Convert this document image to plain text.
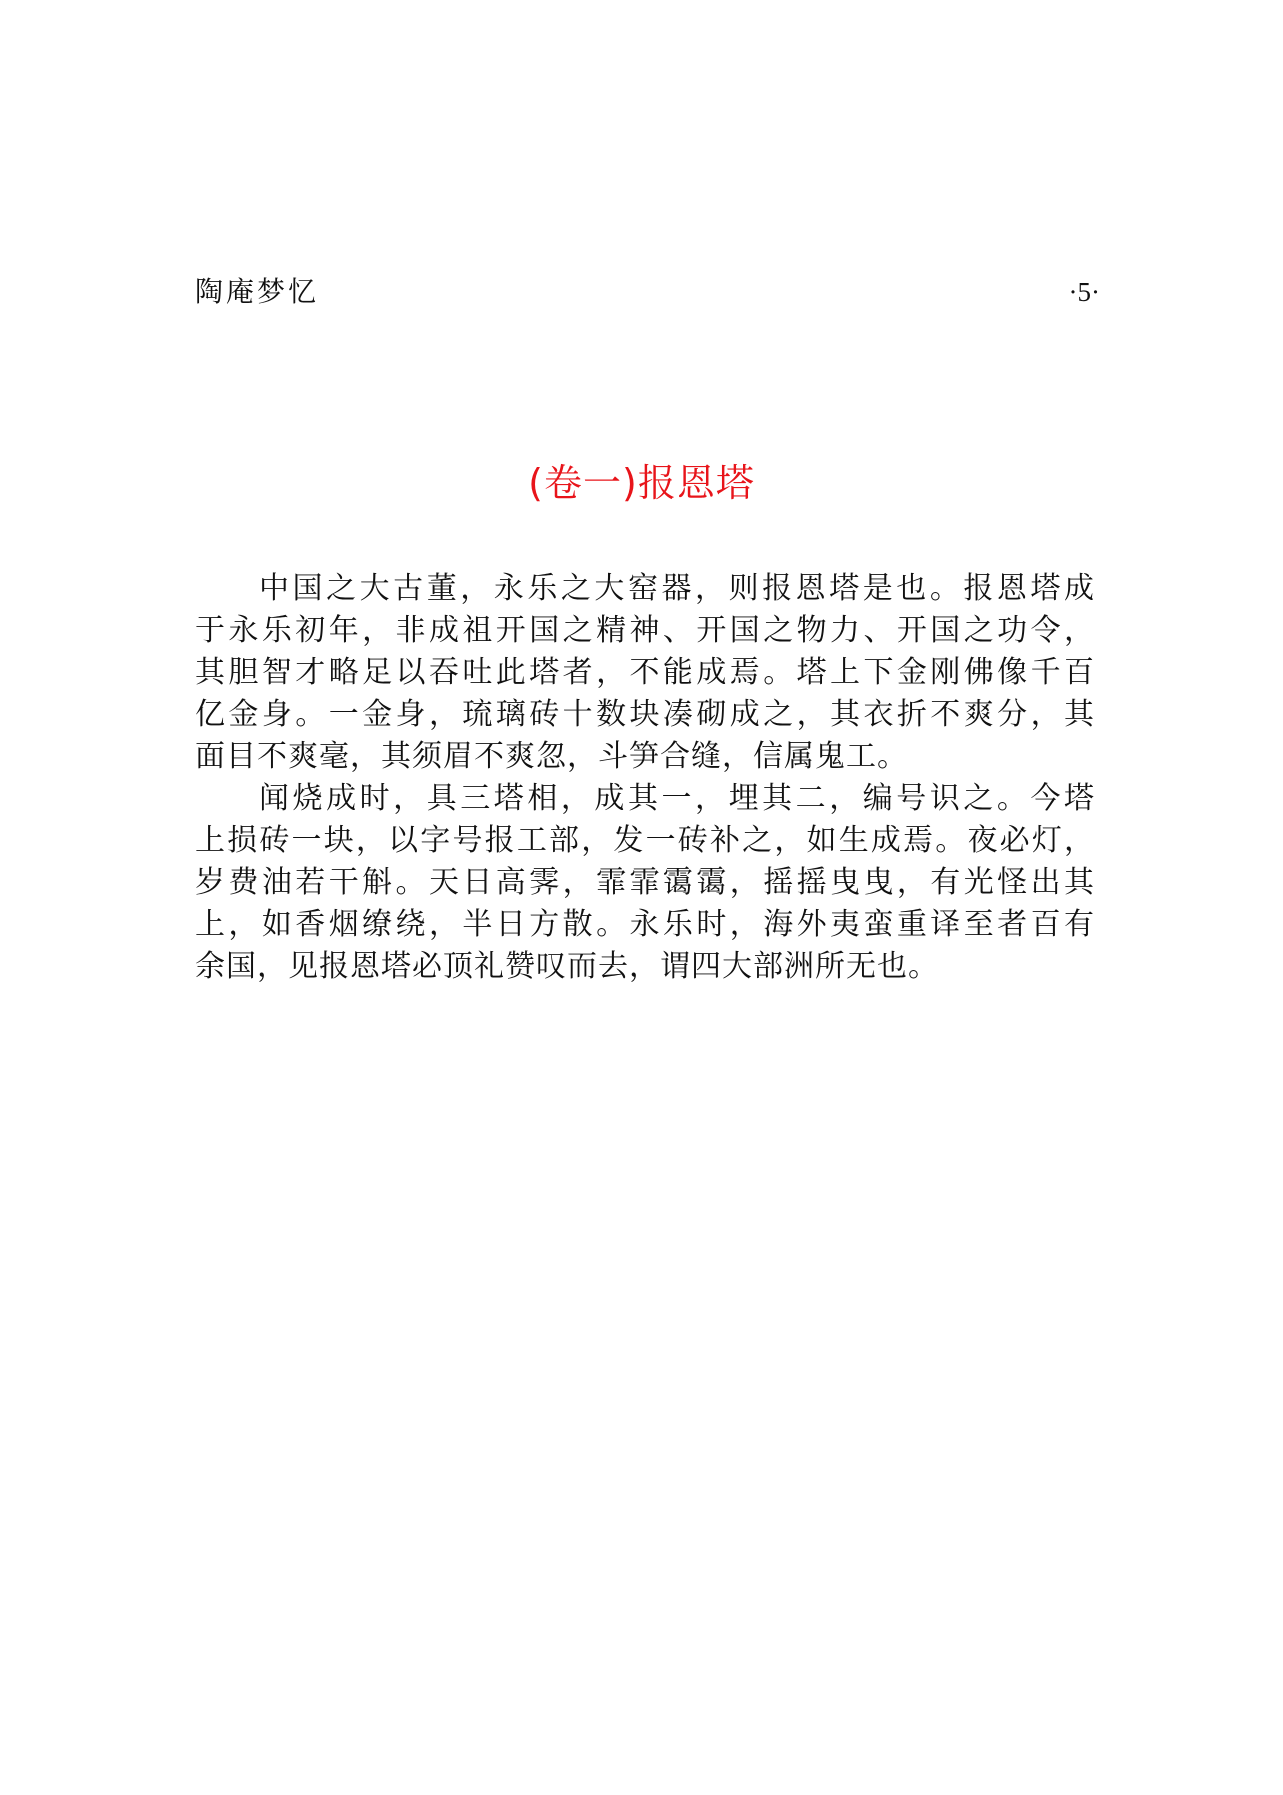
陶庵梦忆	·5·
(卷一)报恩塔
中国之大古董，永乐之大窑器，则报恩塔是也。报恩塔成
于永乐初年，非成祖开国之精神、开国之物力、开国之功令，
其胆智才略足以吞吐此塔者，不能成焉。塔上下金刚佛像千百
亿金身。一金身，琉璃砖十数块凑砌成之，其衣折不爽分，其
面目不爽毫，其须眉不爽忽，斗笋合缝，信属鬼工。
闻烧成时，具三塔相，成其一，埋其二，编号识之。今塔
上损砖一块，以字号报工部，发一砖补之，如生成焉。夜必灯，
岁费油若干斛。天日高霁，霏霏霭霭，摇摇曳曳，有光怪出其
上，如香烟缭绕，半日方散。永乐时，海外夷蛮重译至者百有
余国，见报恩塔必顶礼赞叹而去，谓四大部洲所无也。
